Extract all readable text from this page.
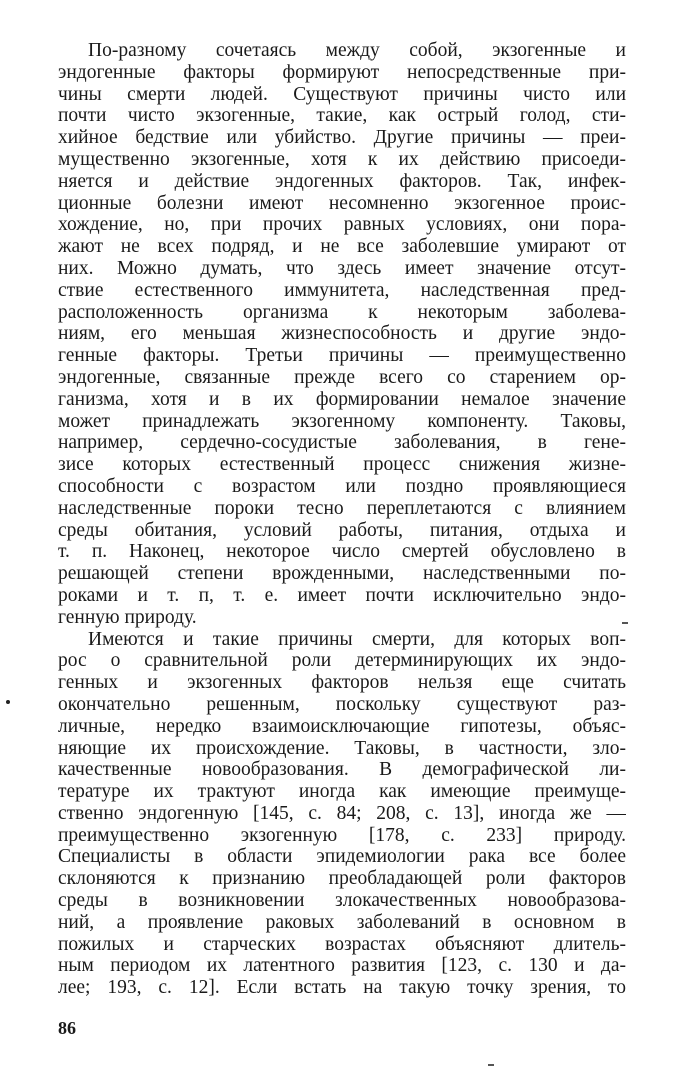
По-разному сочетаясь между собой, экзогенные и
эндогенные факторы формируют непосредственные при-
чины смерти людей. Существуют причины чисто или
почти чисто экзогенные, такие, как острый голод, сти-
хийное бедствие или убийство. Другие причины — преи-
мущественно экзогенные, хотя к их действию присоеди-
няется и действие эндогенных факторов. Так, инфек-
ционные болезни имеют несомненно экзогенное проис-
хождение, но, при прочих равных условиях, они пора-
жают не всех подряд, и не все заболевшие умирают от
них. Можно думать, что здесь имеет значение отсут-
ствие естественного иммунитета, наследственная пред-
расположенность организма к некоторым заболева-
ниям, его меньшая жизнеспособность и другие эндо-
генные факторы. Третьи причины — преимущественно
эндогенные, связанные прежде всего со старением ор-
ганизма, хотя и в их формировании немалое значение
может принадлежать экзогенному компоненту. Таковы,
например, сердечно-сосудистые заболевания, в гене-
зисе которых естественный процесс снижения жизне-
способности с возрастом или поздно проявляющиеся
наследственные пороки тесно переплетаются с влиянием
среды обитания, условий работы, питания, отдыха и
т. п. Наконец, некоторое число смертей обусловлено в
решающей степени врожденными, наследственными по-
роками и т. п, т. е. имеет почти исключительно эндо-
генную природу.
Имеются и такие причины смерти, для которых воп-
рос о сравнительной роли детерминирующих их эндо-
генных и экзогенных факторов нельзя еще считать
окончательно решенным, поскольку существуют раз-
личные, нередко взаимоисключающие гипотезы, объяс-
няющие их происхождение. Таковы, в частности, зло-
качественные новообразования. В демографической ли-
тературе их трактуют иногда как имеющие преимуще-
ственно эндогенную [145, с. 84; 208, с. 13], иногда же —
преимущественно экзогенную [178, с. 233] природу.
Специалисты в области эпидемиологии рака все более
склоняются к признанию преобладающей роли факторов
среды в возникновении злокачественных новообразова-
ний, а проявление раковых заболеваний в основном в
пожилых и старческих возрастах объясняют длитель-
ным периодом их латентного развития [123, с. 130 и да-
лее; 193, с. 12]. Если встать на такую точку зрения, то
86
